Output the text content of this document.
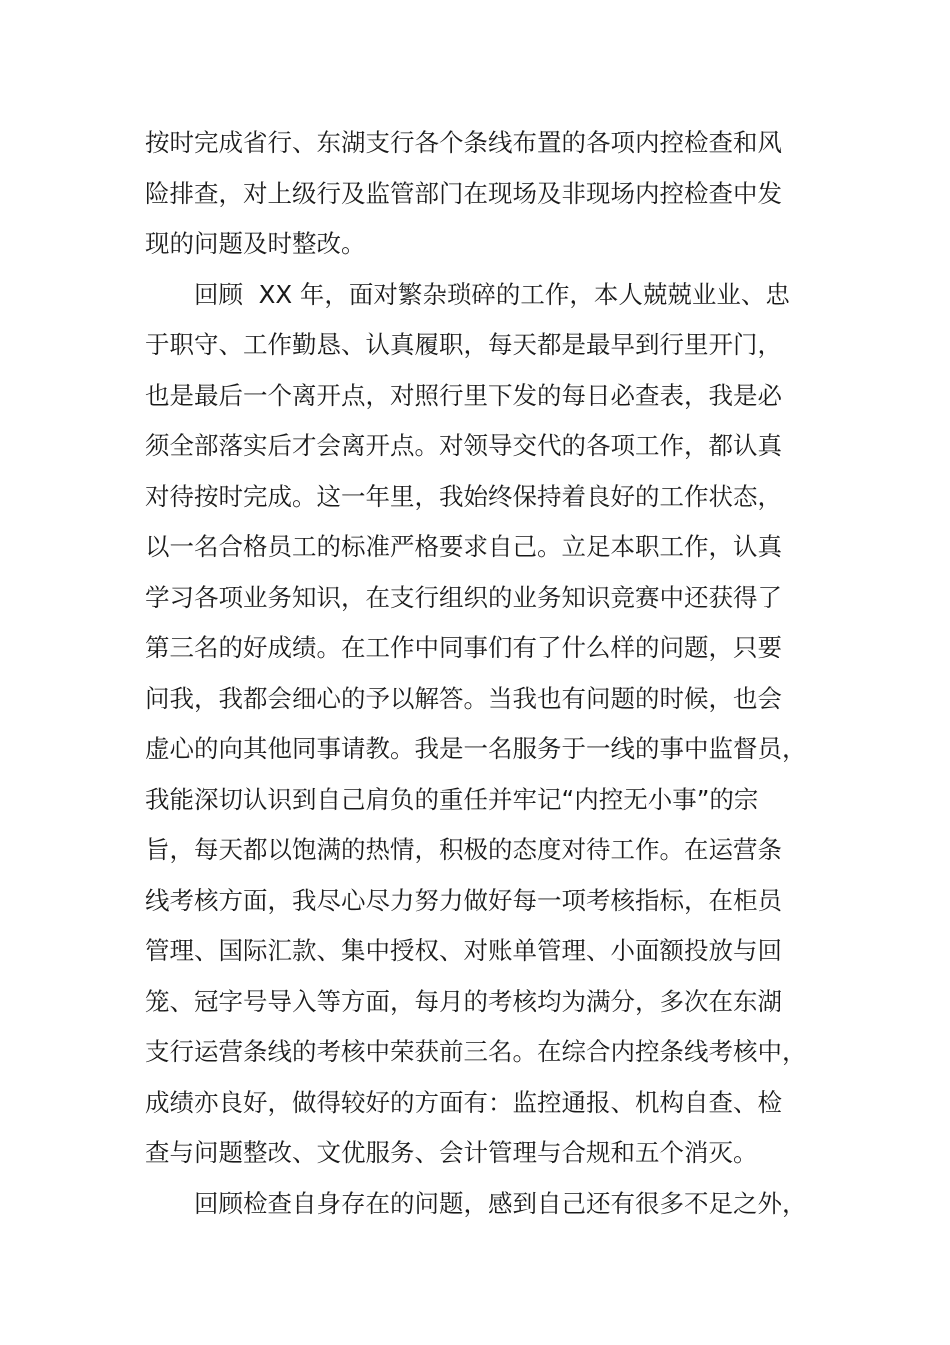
按时完成省行、东湖支行各个条线布置的各项内控检查和风
险排查，对上级行及监管部门在现场及非现场内控检查中发
现的问题及时整改。
回顾  XX 年，面对繁杂琐碎的工作，本人兢兢业业、忠
于职守、工作勤恳、认真履职，每天都是最早到行里开门，
也是最后一个离开点，对照行里下发的每日必查表，我是必
须全部落实后才会离开点。对领导交代的各项工作，都认真
对待按时完成。这一年里，我始终保持着良好的工作状态，
以一名合格员工的标准严格要求自己。立足本职工作，认真
学习各项业务知识，在支行组织的业务知识竞赛中还获得了
第三名的好成绩。在工作中同事们有了什么样的问题，只要
问我，我都会细心的予以解答。当我也有问题的时候，也会
虚心的向其他同事请教。我是一名服务于一线的事中监督员，
我能深切认识到自己肩负的重任并牢记“内控无小事”的宗
旨，每天都以饱满的热情，积极的态度对待工作。在运营条
线考核方面，我尽心尽力努力做好每一项考核指标，在柜员
管理、国际汇款、集中授权、对账单管理、小面额投放与回
笼、冠字号导入等方面，每月的考核均为满分，多次在东湖
支行运营条线的考核中荣获前三名。在综合内控条线考核中，
成绩亦良好，做得较好的方面有：监控通报、机构自查、检
查与问题整改、文优服务、会计管理与合规和五个消灭。
回顾检查自身存在的问题，感到自己还有很多不足之外，
